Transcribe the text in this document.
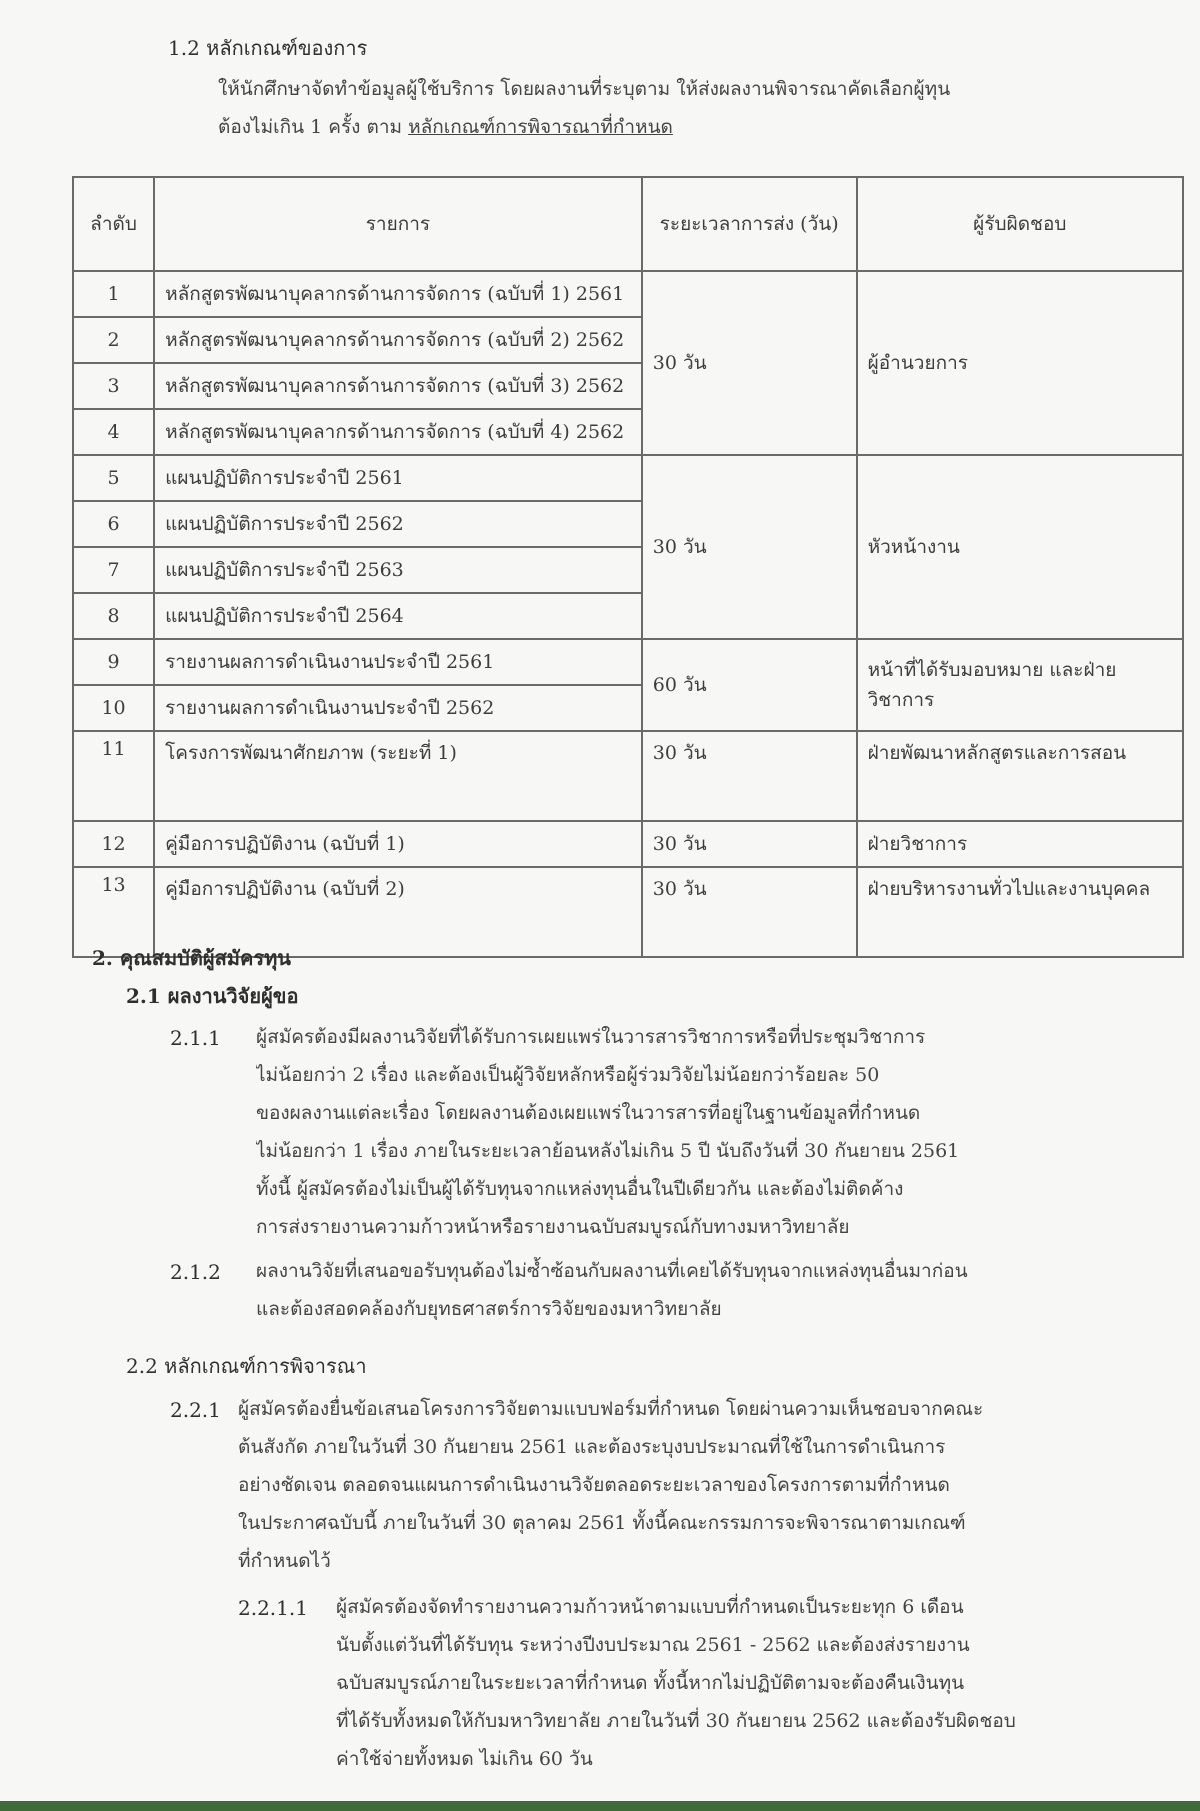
1.2 หลักเกณฑ์ของการ
ให้นักศึกษาจัดทำข้อมูลผู้ใช้บริการ โดยผลงานที่ระบุตาม ให้ส่งผลงานพิจารณาคัดเลือกผู้ทุน
ต้องไม่เกิน 1 ครั้ง ตาม หลักเกณฑ์การพิจารณาที่กำหนด
ลำดับ	รายการ	ระยะเวลาการส่ง (วัน)	ผู้รับผิดชอบ
1	หลักสูตรพัฒนาบุคลากรด้านการจัดการ (ฉบับที่ 1) 2561	30 วัน	ผู้อำนวยการ
2	หลักสูตรพัฒนาบุคลากรด้านการจัดการ (ฉบับที่ 2) 2562		
3	หลักสูตรพัฒนาบุคลากรด้านการจัดการ (ฉบับที่ 3) 2562		
4	หลักสูตรพัฒนาบุคลากรด้านการจัดการ (ฉบับที่ 4) 2562		
5	แผนปฏิบัติการประจำปี 2561	30 วัน	หัวหน้างาน
6	แผนปฏิบัติการประจำปี 2562		
7	แผนปฏิบัติการประจำปี 2563		
8	แผนปฏิบัติการประจำปี 2564		
9	รายงานผลการดำเนินงานประจำปี 2561	60 วัน	หน้าที่ได้รับมอบหมาย และฝ่ายวิชาการ
10	รายงานผลการดำเนินงานประจำปี 2562		
11	โครงการพัฒนาศักยภาพ (ระยะที่ 1)	30 วัน	ฝ่ายพัฒนาหลักสูตรและการสอน
12	คู่มือการปฏิบัติงาน (ฉบับที่ 1)	30 วัน	ฝ่ายวิชาการ
13	คู่มือการปฏิบัติงาน (ฉบับที่ 2)	30 วัน	ฝ่ายบริหารงานทั่วไปและงานบุคคล
2. คุณสมบัติผู้สมัครทุน
2.1 ผลงานวิจัยผู้ขอ
2.1.1 ผู้สมัครต้องมีผลงานวิจัยที่ได้รับการเผยแพร่ในวารสารวิชาการหรือที่ประชุมวิชาการ
ไม่น้อยกว่า 2 เรื่อง และต้องเป็นผู้วิจัยหลักหรือผู้ร่วมวิจัยไม่น้อยกว่าร้อยละ 50
ของผลงานแต่ละเรื่อง โดยผลงานต้องเผยแพร่ในวารสารที่อยู่ในฐานข้อมูลที่กำหนด
ไม่น้อยกว่า 1 เรื่อง ภายในระยะเวลาย้อนหลังไม่เกิน 5 ปี นับถึงวันที่ 30 กันยายน 2561
ทั้งนี้ ผู้สมัครต้องไม่เป็นผู้ได้รับทุนจากแหล่งทุนอื่นในปีเดียวกัน และต้องไม่ติดค้าง
การส่งรายงานความก้าวหน้าหรือรายงานฉบับสมบูรณ์กับทางมหาวิทยาลัย
2.1.2 ผลงานวิจัยที่เสนอขอรับทุนต้องไม่ซ้ำซ้อนกับผลงานที่เคยได้รับทุนจากแหล่งทุนอื่นมาก่อน
และต้องสอดคล้องกับยุทธศาสตร์การวิจัยของมหาวิทยาลัย
2.2 หลักเกณฑ์การพิจารณา
2.2.1 ผู้สมัครต้องยื่นข้อเสนอโครงการวิจัยตามแบบฟอร์มที่กำหนด โดยผ่านความเห็นชอบจากคณะ
ต้นสังกัด ภายในวันที่ 30 กันยายน 2561 และต้องระบุงบประมาณที่ใช้ในการดำเนินการ
อย่างชัดเจน ตลอดจนแผนการดำเนินงานวิจัยตลอดระยะเวลาของโครงการตามที่กำหนด
ในประกาศฉบับนี้ ภายในวันที่ 30 ตุลาคม 2561 ทั้งนี้คณะกรรมการจะพิจารณาตามเกณฑ์
ที่กำหนดไว้
2.2.1.1 ผู้สมัครต้องจัดทำรายงานความก้าวหน้าตามแบบที่กำหนดเป็นระยะทุก 6 เดือน
นับตั้งแต่วันที่ได้รับทุน ระหว่างปีงบประมาณ 2561 - 2562 และต้องส่งรายงาน
ฉบับสมบูรณ์ภายในระยะเวลาที่กำหนด ทั้งนี้หากไม่ปฏิบัติตามจะต้องคืนเงินทุน
ที่ได้รับทั้งหมดให้กับมหาวิทยาลัย ภายในวันที่ 30 กันยายน 2562 และต้องรับผิดชอบ
ค่าใช้จ่ายทั้งหมด ไม่เกิน 60 วัน
